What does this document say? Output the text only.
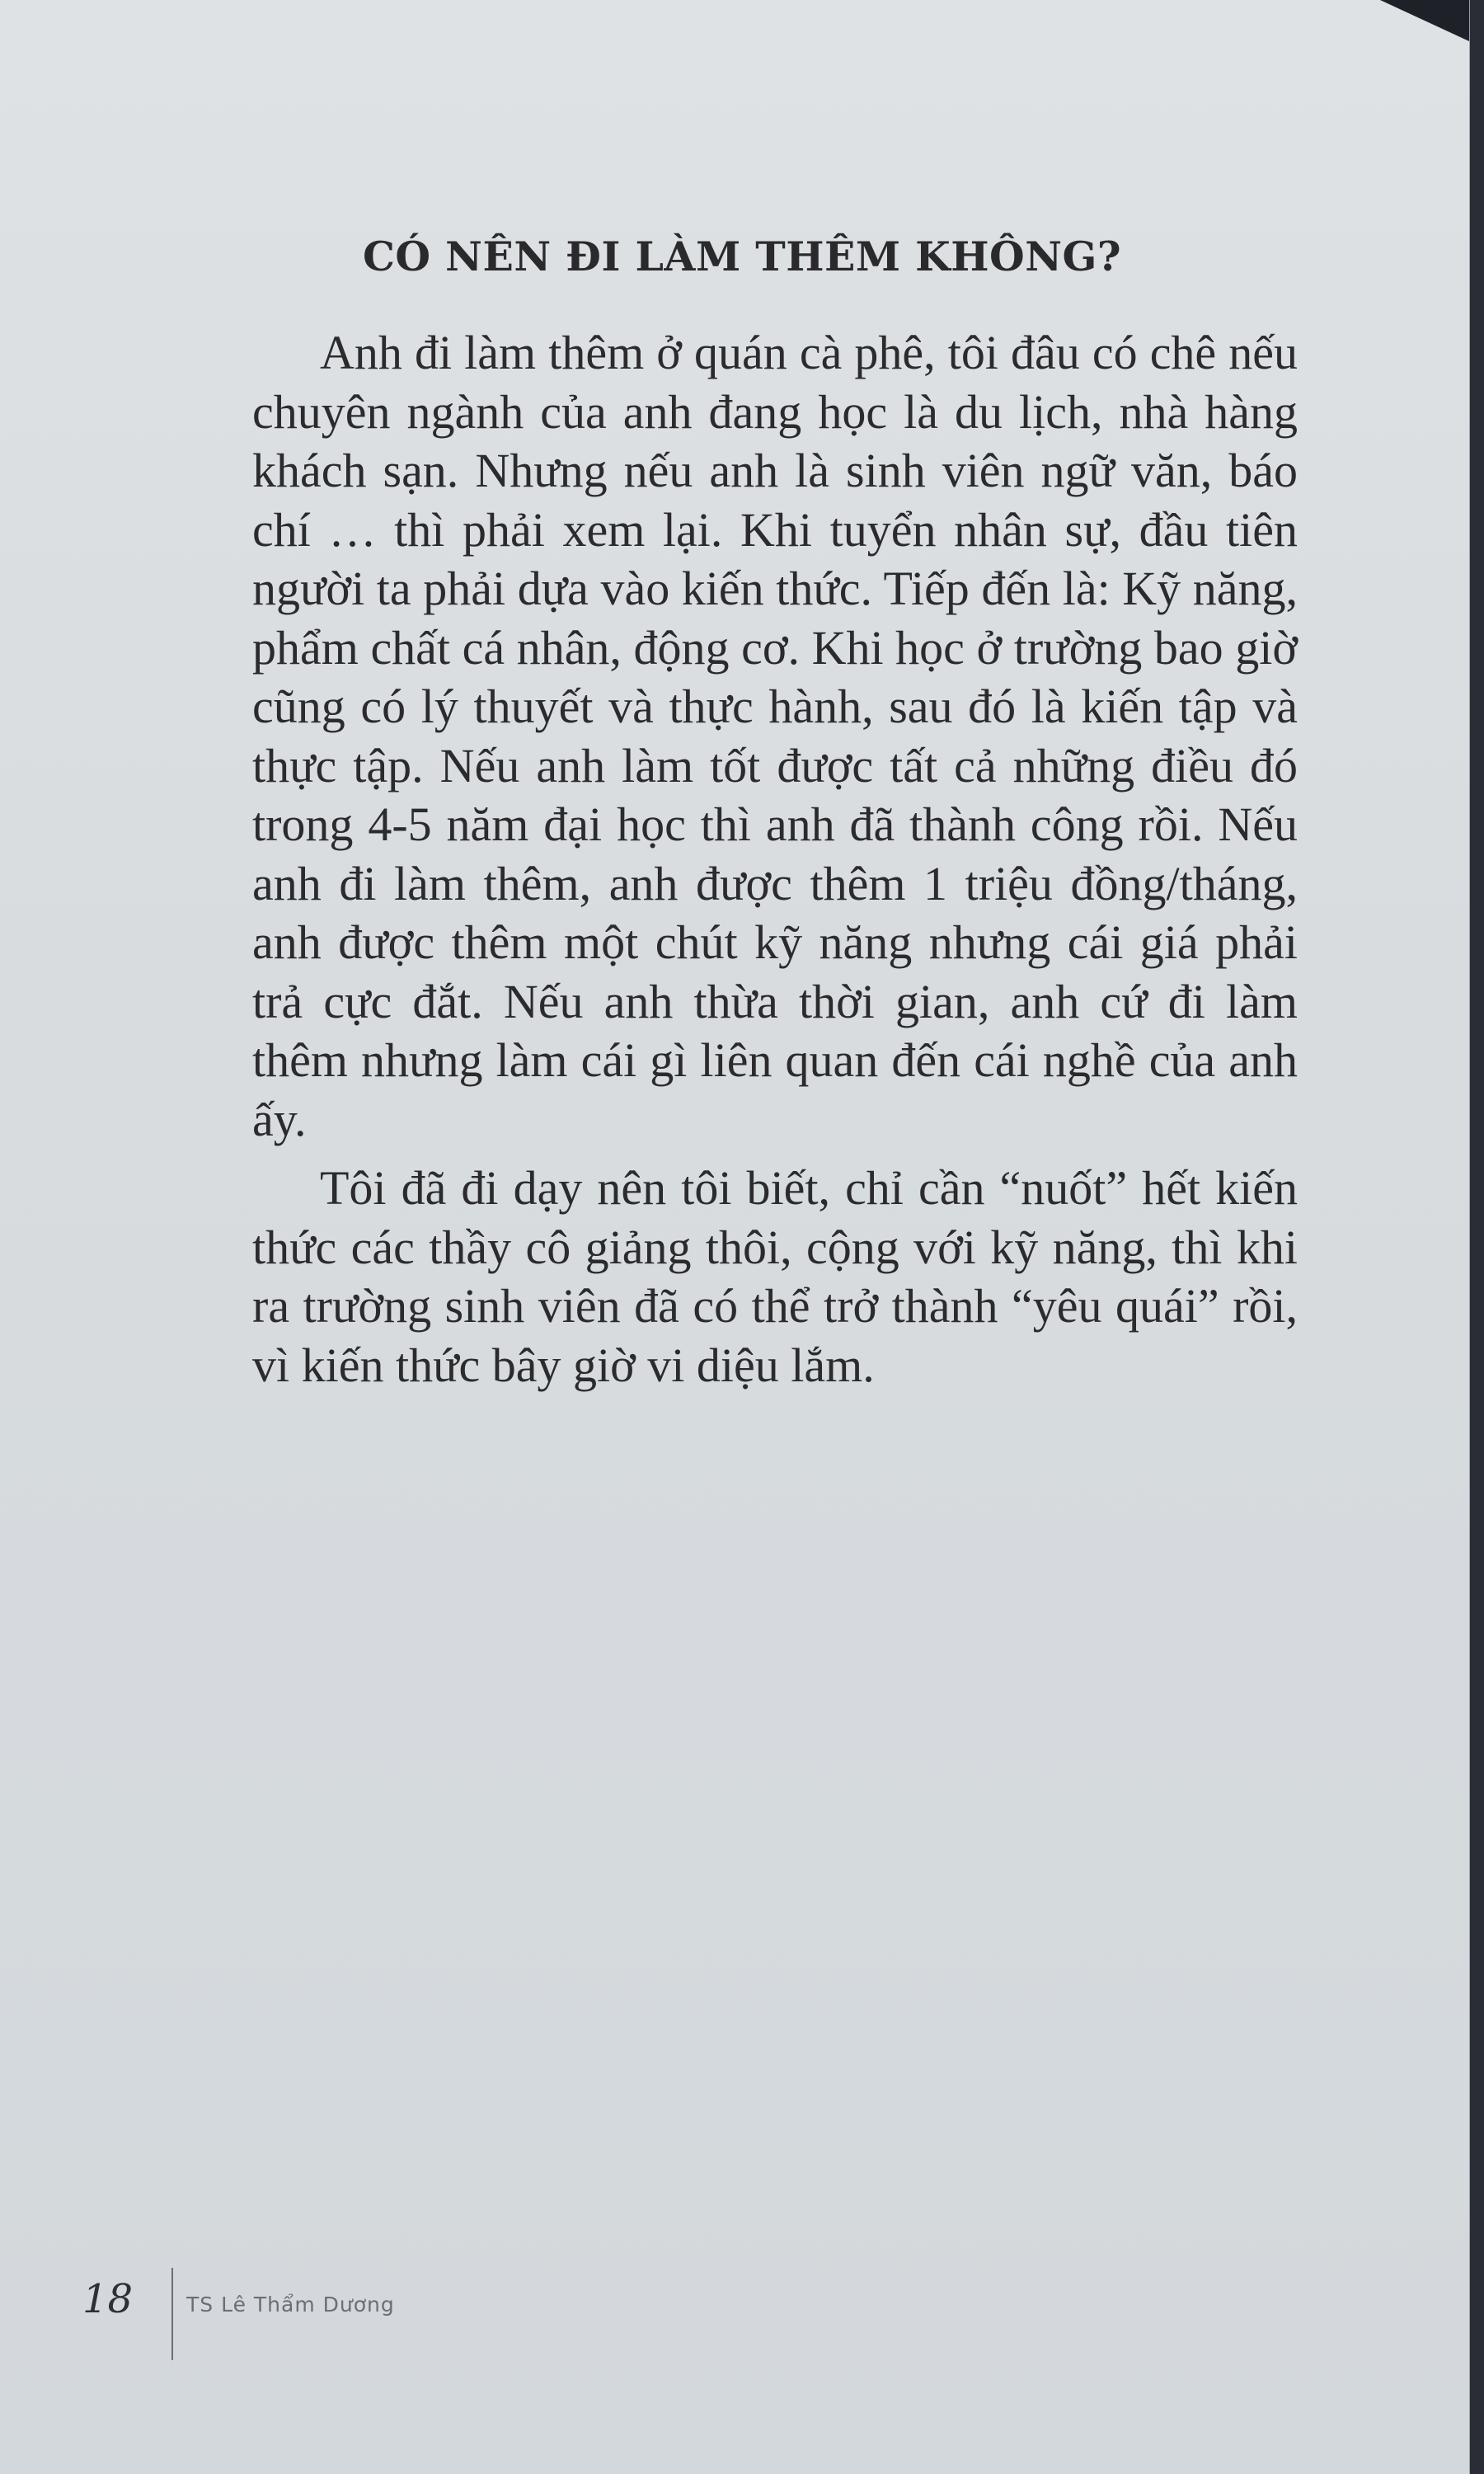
CÓ NÊN ĐI LÀM THÊM KHÔNG?

Anh đi làm thêm ở quán cà phê, tôi đâu có chê nếu chuyên ngành của anh đang học là du lịch, nhà hàng khách sạn. Nhưng nếu anh là sinh viên ngữ văn, báo chí … thì phải xem lại. Khi tuyển nhân sự, đầu tiên người ta phải dựa vào kiến thức. Tiếp đến là: Kỹ năng, phẩm chất cá nhân, động cơ. Khi học ở trường bao giờ cũng có lý thuyết và thực hành, sau đó là kiến tập và thực tập. Nếu anh làm tốt được tất cả những điều đó trong 4-5 năm đại học thì anh đã thành công rồi. Nếu anh đi làm thêm, anh được thêm 1 triệu đồng/tháng, anh được thêm một chút kỹ năng nhưng cái giá phải trả cực đắt. Nếu anh thừa thời gian, anh cứ đi làm thêm nhưng làm cái gì liên quan đến cái nghề của anh ấy.

Tôi đã đi dạy nên tôi biết, chỉ cần “nuốt” hết kiến thức các thầy cô giảng thôi, cộng với kỹ năng, thì khi ra trường sinh viên đã có thể trở thành “yêu quái” rồi, vì kiến thức bây giờ vi diệu lắm.

18	TS Lê Thẩm Dương
